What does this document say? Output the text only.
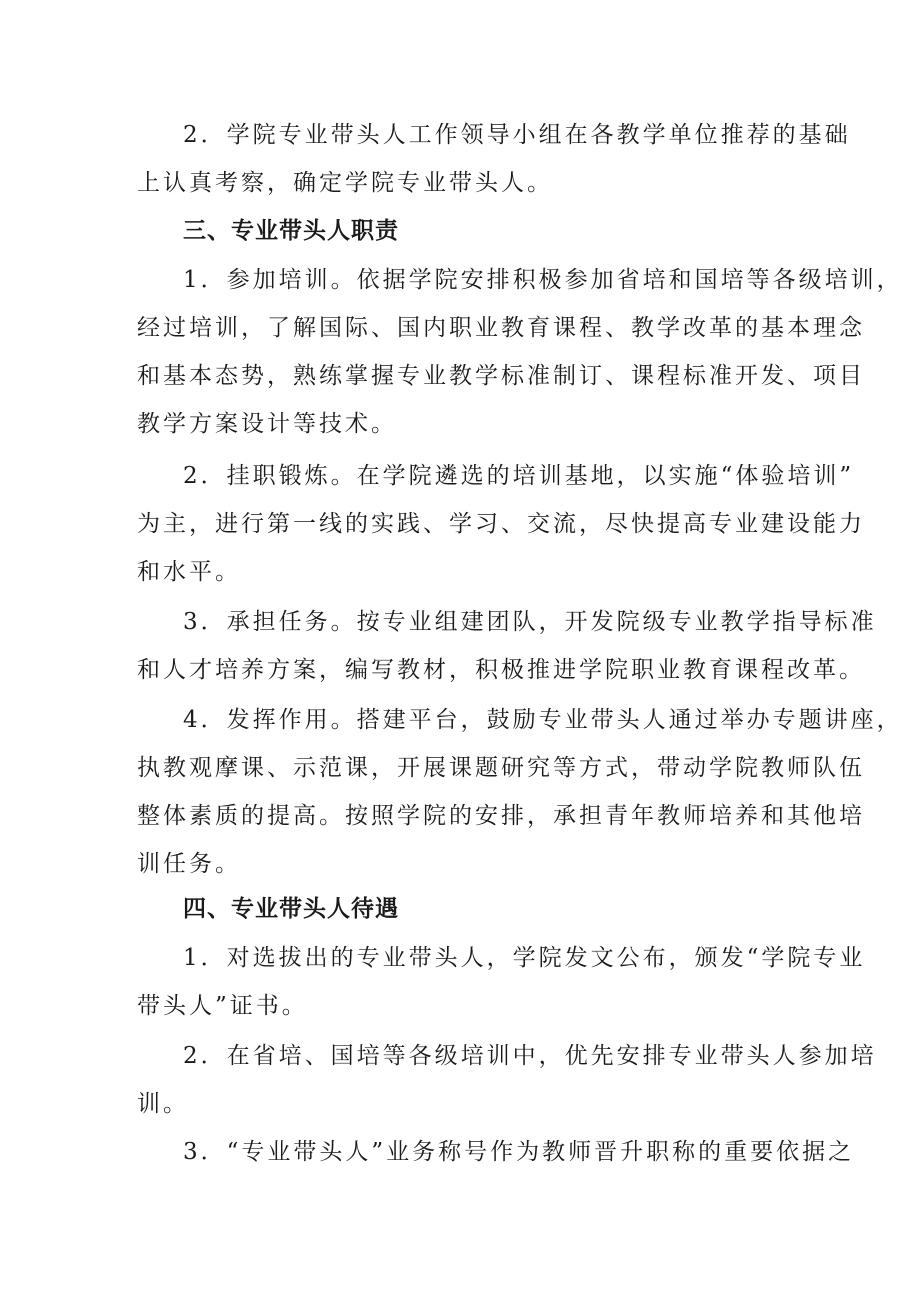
2．学院专业带头人工作领导小组在各教学单位推荐的基础

上认真考察，确定学院专业带头人。

三、专业带头人职责

1．参加培训。依据学院安排积极参加省培和国培等各级培训，

经过培训，了解国际、国内职业教育课程、教学改革的基本理念

和基本态势，熟练掌握专业教学标准制订、课程标准开发、项目

教学方案设计等技术。

2．挂职锻炼。在学院遴选的培训基地，以实施“体验培训”

为主，进行第一线的实践、学习、交流，尽快提高专业建设能力

和水平。

3．承担任务。按专业组建团队，开发院级专业教学指导标准

和人才培养方案，编写教材，积极推进学院职业教育课程改革。

4．发挥作用。搭建平台，鼓励专业带头人通过举办专题讲座，

执教观摩课、示范课，开展课题研究等方式，带动学院教师队伍

整体素质的提高。按照学院的安排，承担青年教师培养和其他培

训任务。

四、专业带头人待遇

1．对选拔出的专业带头人，学院发文公布，颁发“学院专业

带头人”证书。

2．在省培、国培等各级培训中，优先安排专业带头人参加培

训。

3．“专业带头人”业务称号作为教师晋升职称的重要依据之
